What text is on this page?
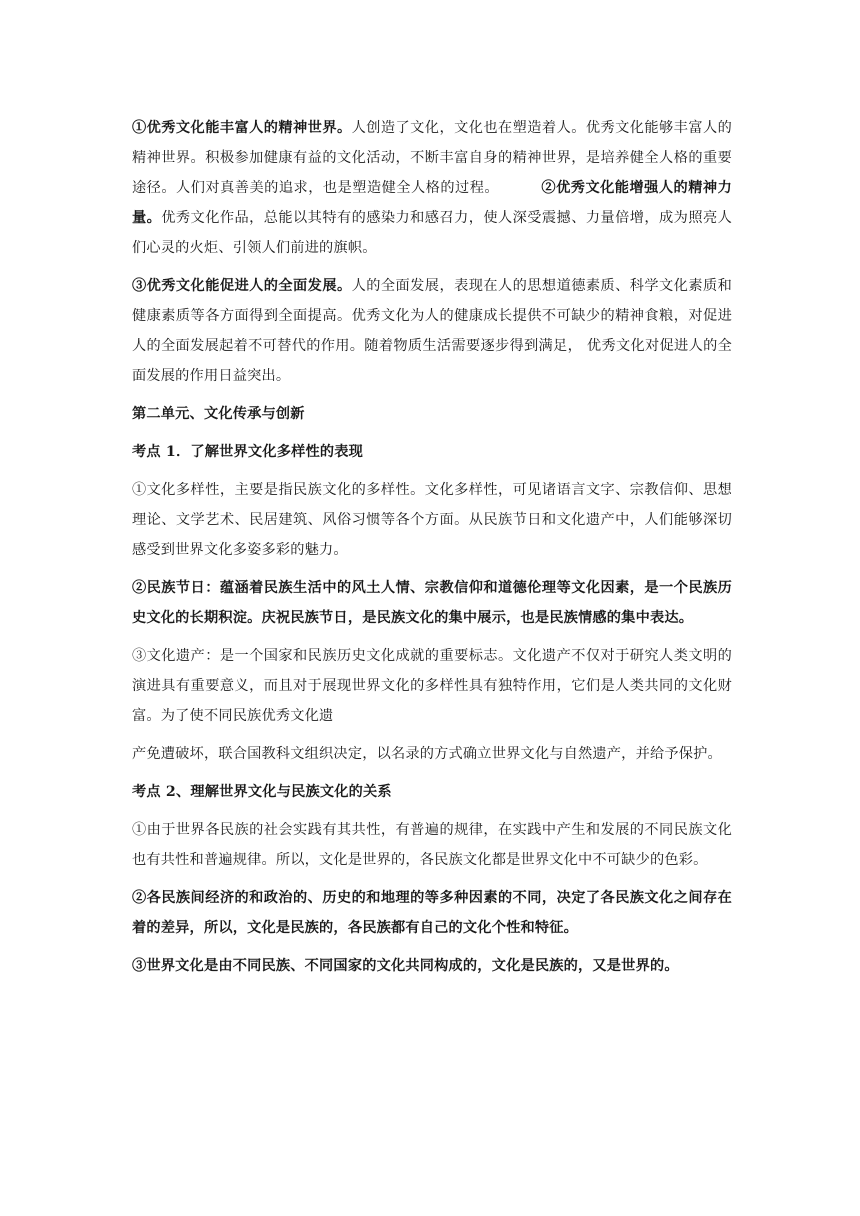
①优秀文化能丰富人的精神世界。人创造了文化，文化也在塑造着人。优秀文化能够丰富人的精神世界。积极参加健康有益的文化活动，不断丰富自身的精神世界，是培养健全人格的重要途径。人们对真善美的追求，也是塑造健全人格的过程。	②优秀文化能增强人的精神力量。优秀文化作品，总能以其特有的感染力和感召力，使人深受震撼、力量倍增，成为照亮人们心灵的火炬、引领人们前进的旗帜。

③优秀文化能促进人的全面发展。人的全面发展，表现在人的思想道德素质、科学文化素质和健康素质等各方面得到全面提高。优秀文化为人的健康成长提供不可缺少的精神食粮，对促进人的全面发展起着不可替代的作用。随着物质生活需要逐步得到满足， 优秀文化对促进人的全面发展的作用日益突出。

第二单元、文化传承与创新

考点 1．了解世界文化多样性的表现

①文化多样性，主要是指民族文化的多样性。文化多样性，可见诸语言文字、宗教信仰、思想理论、文学艺术、民居建筑、风俗习惯等各个方面。从民族节日和文化遗产中，人们能够深切感受到世界文化多姿多彩的魅力。

②民族节日：蕴涵着民族生活中的风土人情、宗教信仰和道德伦理等文化因素，是一个民族历史文化的长期积淀。庆祝民族节日，是民族文化的集中展示，也是民族情感的集中表达。

③文化遗产：是一个国家和民族历史文化成就的重要标志。文化遗产不仅对于研究人类文明的演进具有重要意义，而且对于展现世界文化的多样性具有独特作用，它们是人类共同的文化财富。为了使不同民族优秀文化遗

产免遭破坏，联合国教科文组织决定，以名录的方式确立世界文化与自然遗产，并给予保护。

考点 2、理解世界文化与民族文化的关系

①由于世界各民族的社会实践有其共性，有普遍的规律，在实践中产生和发展的不同民族文化也有共性和普遍规律。所以，文化是世界的，各民族文化都是世界文化中不可缺少的色彩。

②各民族间经济的和政治的、历史的和地理的等多种因素的不同，决定了各民族文化之间存在着的差异，所以，文化是民族的，各民族都有自己的文化个性和特征。

③世界文化是由不同民族、不同国家的文化共同构成的，文化是民族的，又是世界的。
